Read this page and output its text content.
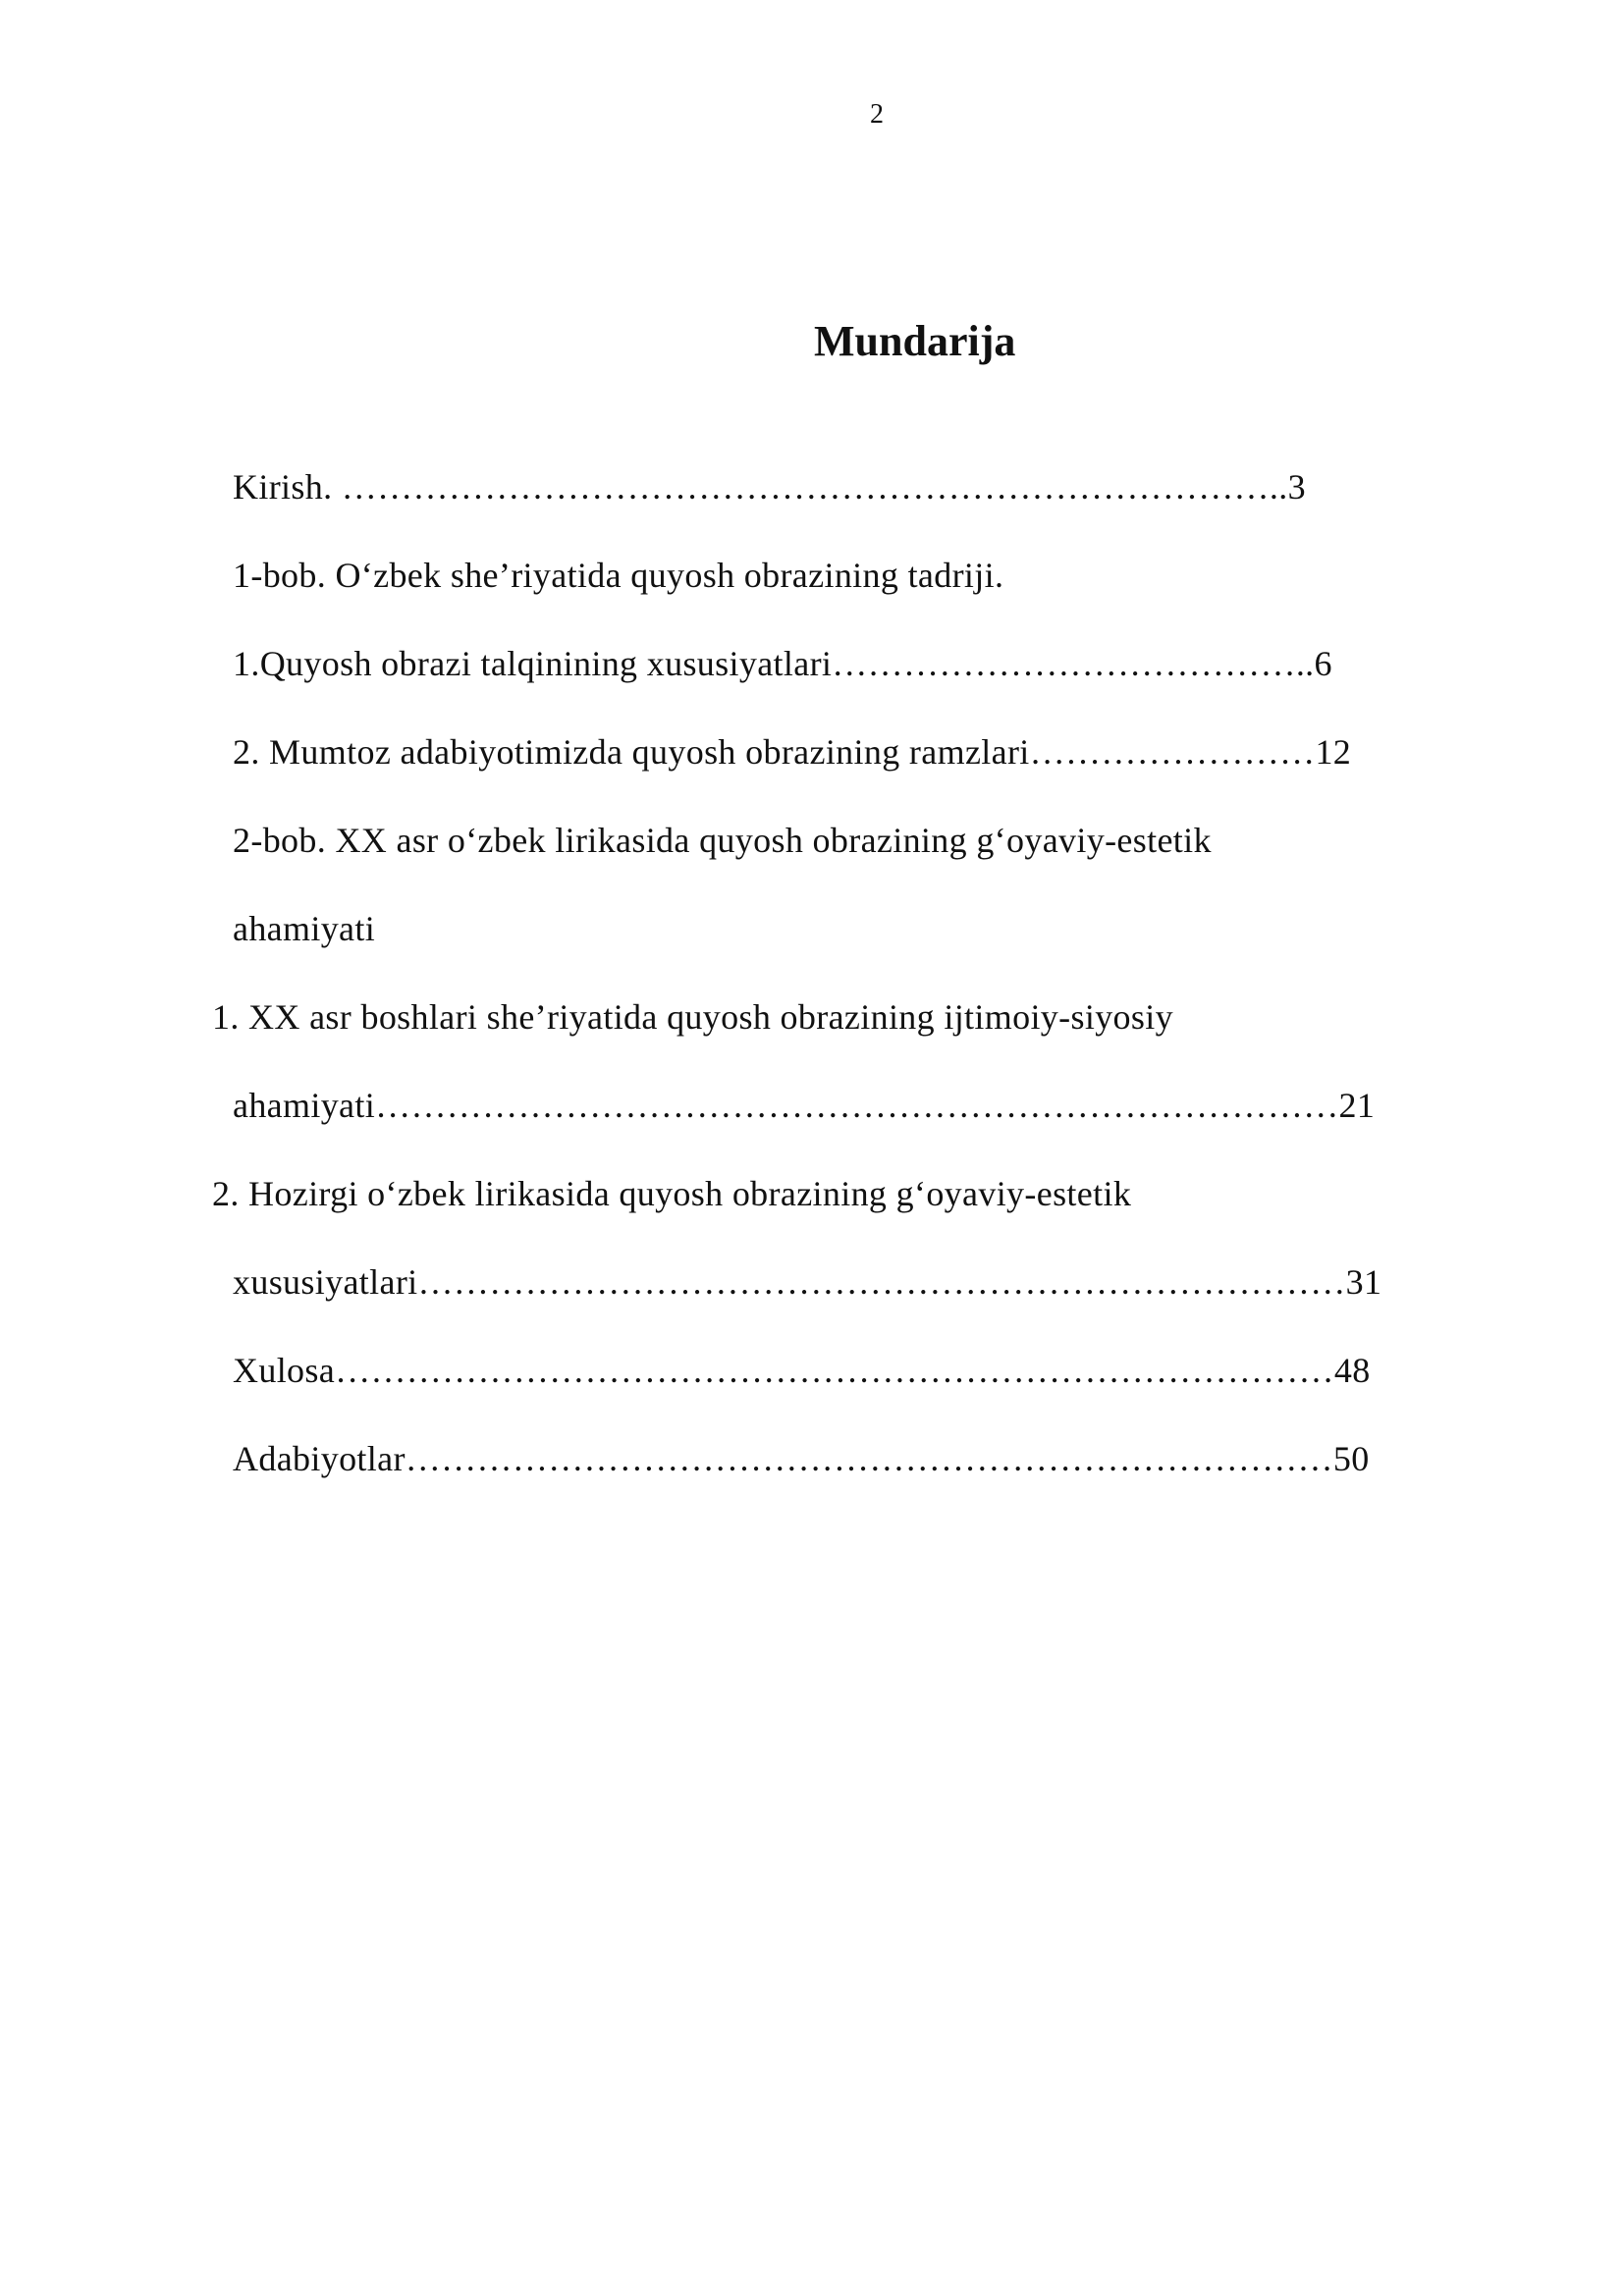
2
Mundarija
Kirish. ……………………………………………………………………..3
1-bob. O‘zbek she’riyatida quyosh obrazining tadriji.
1.Quyosh obrazi talqinining xususiyatlari…………………………………..6
2. Mumtoz adabiyotimizda quyosh obrazining ramzlari……………………12
2-bob. XX asr o‘zbek lirikasida quyosh obrazining g‘oyaviy-estetik
ahamiyati
1. XX asr boshlari she’riyatida quyosh obrazining ijtimoiy-siyosiy
ahamiyati………………………………………………………………………21
2. Hozirgi o‘zbek lirikasida quyosh obrazining g‘oyaviy-estetik
xususiyatlari……………………………………………………………………31
Xulosa…………………………………………………………………………48
Adabiyotlar……………………………………………………………………50
